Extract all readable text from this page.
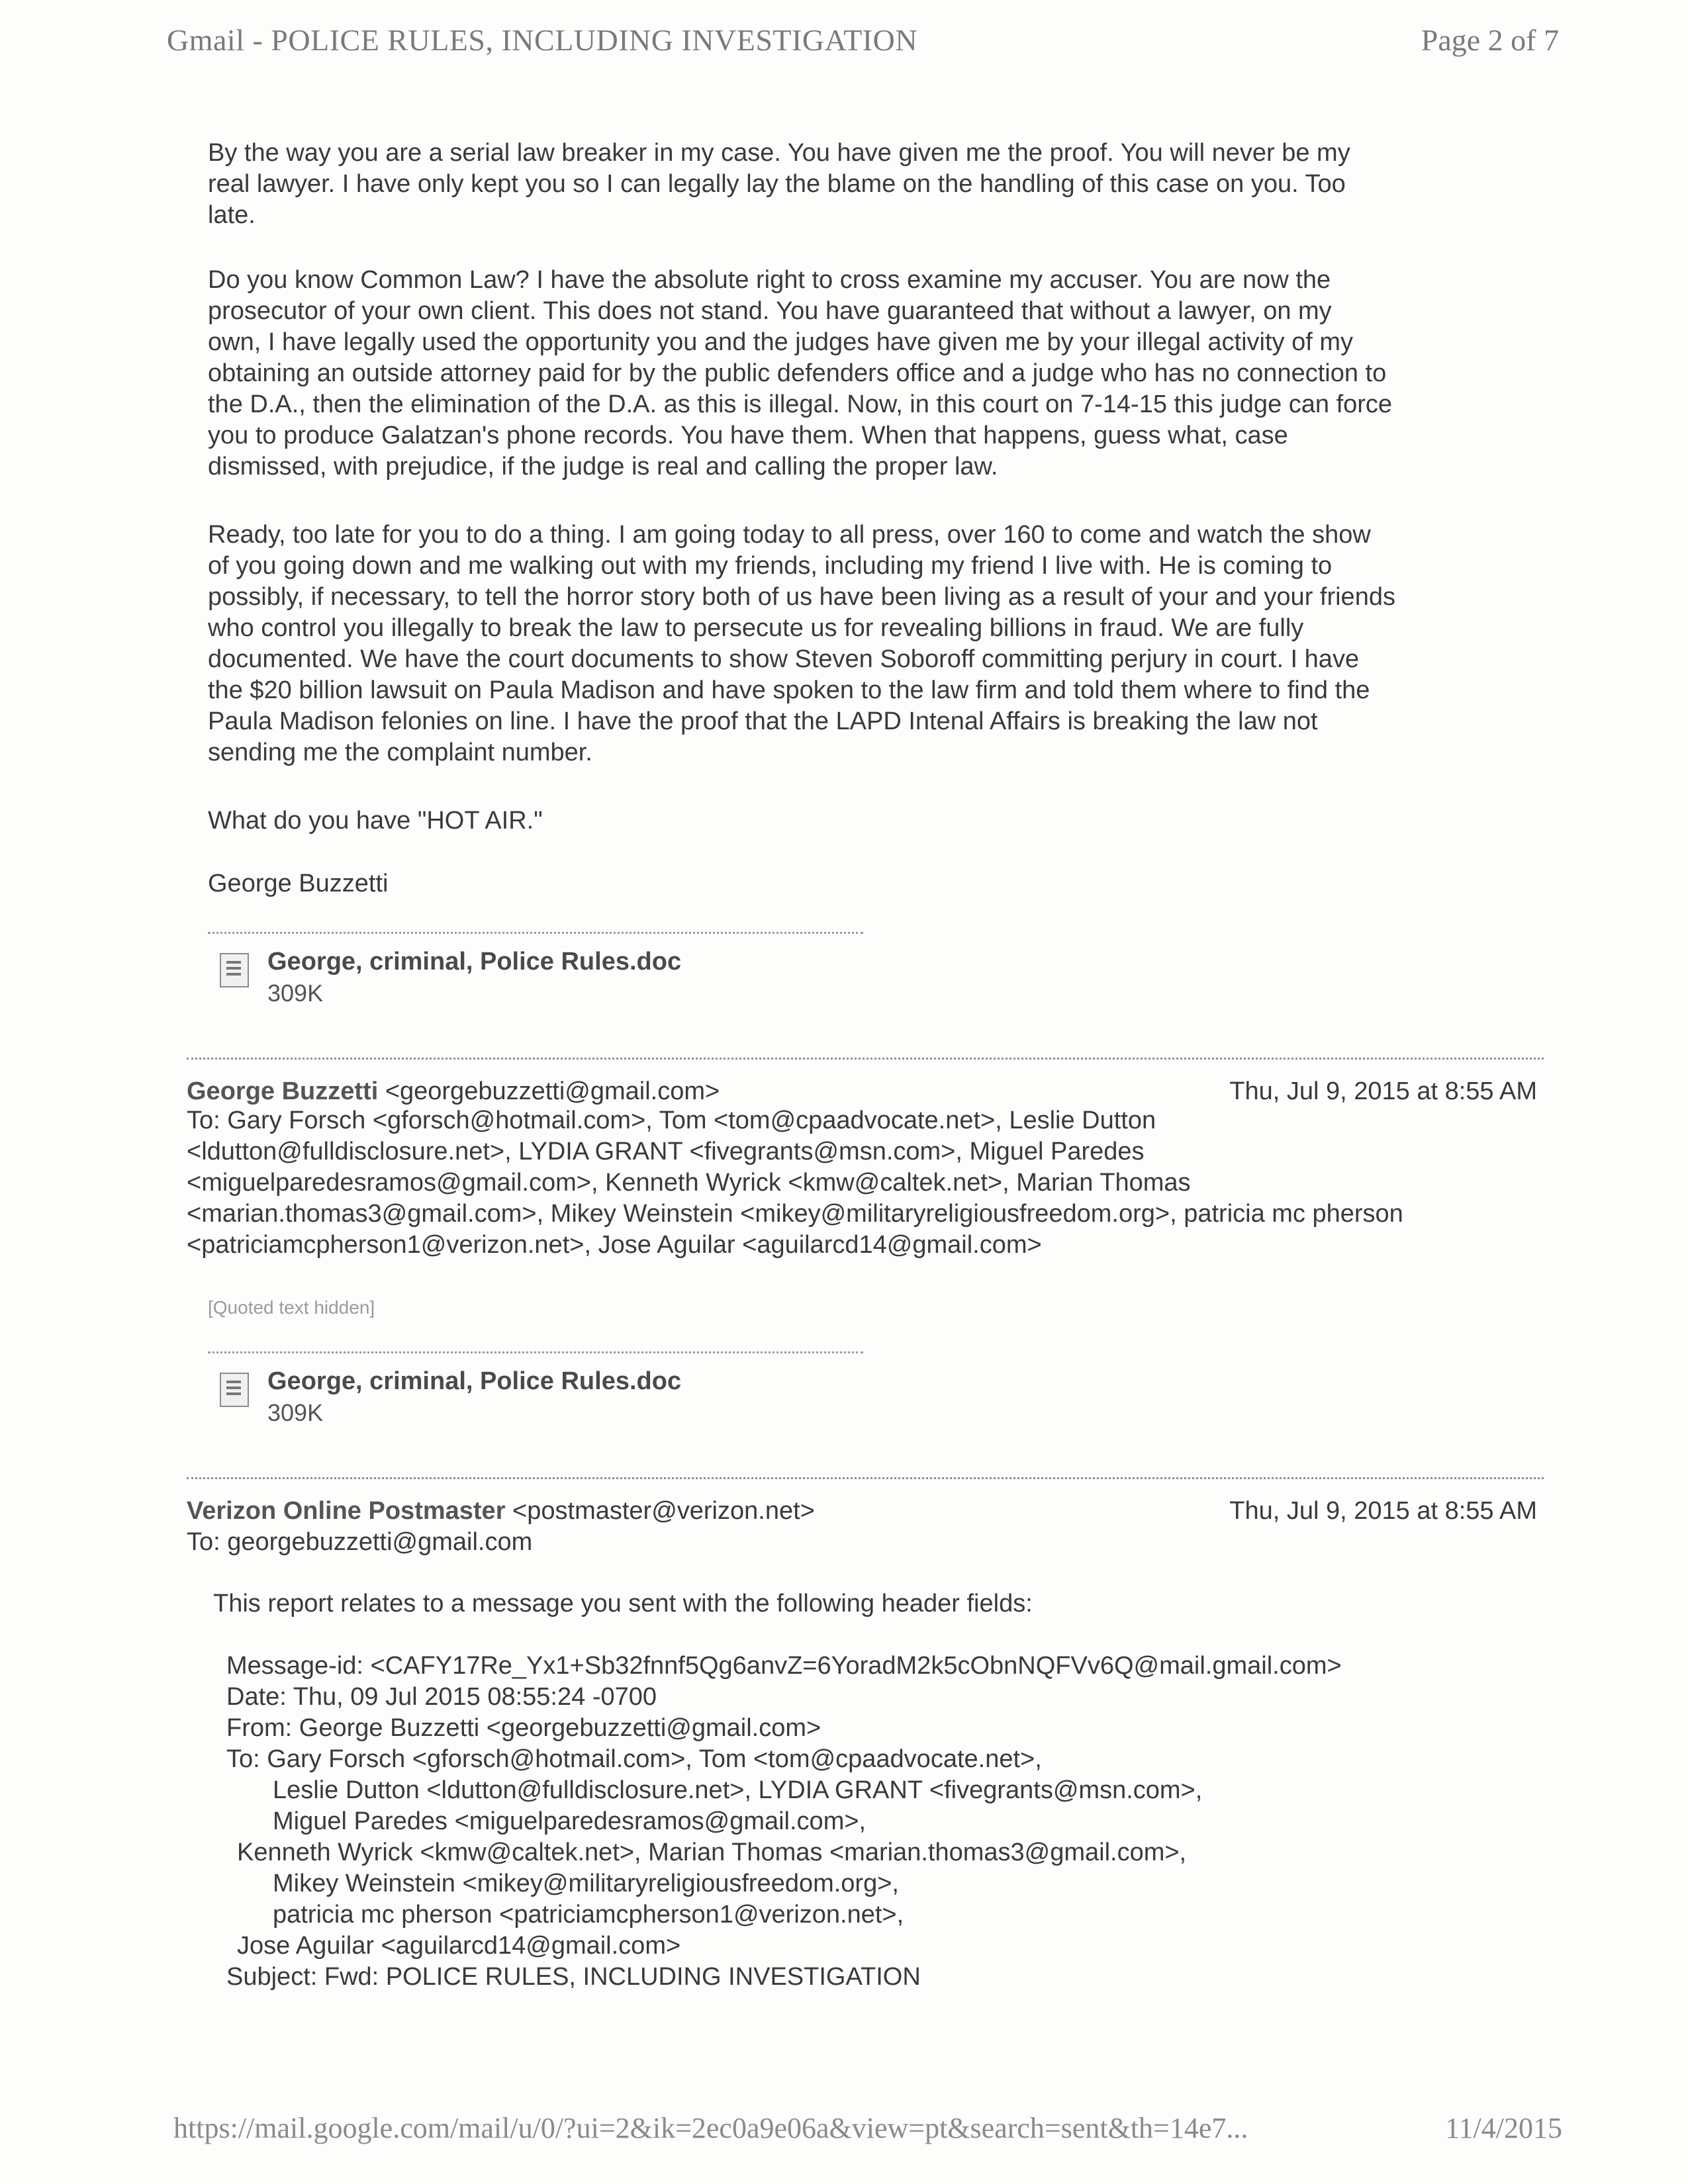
Gmail - POLICE RULES, INCLUDING INVESTIGATION	Page 2 of 7
By the way you are a serial law breaker in my case. You have given me the proof. You will never be my
real lawyer. I have only kept you so I can legally lay the blame on the handling of this case on you. Too
late.
Do you know Common Law? I have the absolute right to cross examine my accuser. You are now the
prosecutor of your own client. This does not stand. You have guaranteed that without a lawyer, on my
own, I have legally used the opportunity you and the judges have given me by your illegal activity of my
obtaining an outside attorney paid for by the public defenders office and a judge who has no connection to
the D.A., then the elimination of the D.A. as this is illegal. Now, in this court on 7-14-15 this judge can force
you to produce Galatzan's phone records. You have them. When that happens, guess what, case
dismissed, with prejudice, if the judge is real and calling the proper law.
Ready, too late for you to do a thing. I am going today to all press, over 160 to come and watch the show
of you going down and me walking out with my friends, including my friend I live with. He is coming to
possibly, if necessary, to tell the horror story both of us have been living as a result of your and your friends
who control you illegally to break the law to persecute us for revealing billions in fraud. We are fully
documented. We have the court documents to show Steven Soboroff committing perjury in court. I have
the $20 billion lawsuit on Paula Madison and have spoken to the law firm and told them where to find the
Paula Madison felonies on line. I have the proof that the LAPD Intenal Affairs is breaking the law not
sending me the complaint number.
What do you have "HOT AIR."
George Buzzetti
George, criminal, Police Rules.doc
309K
George Buzzetti <georgebuzzetti@gmail.com>	Thu, Jul 9, 2015 at 8:55 AM
To: Gary Forsch <gforsch@hotmail.com>, Tom <tom@cpaadvocate.net>, Leslie Dutton
<ldutton@fulldisclosure.net>, LYDIA GRANT <fivegrants@msn.com>, Miguel Paredes
<miguelparedesramos@gmail.com>, Kenneth Wyrick <kmw@caltek.net>, Marian Thomas
<marian.thomas3@gmail.com>, Mikey Weinstein <mikey@militaryreligiousfreedom.org>, patricia mc pherson
<patriciamcpherson1@verizon.net>, Jose Aguilar <aguilarcd14@gmail.com>
[Quoted text hidden]
George, criminal, Police Rules.doc
309K
Verizon Online Postmaster <postmaster@verizon.net>	Thu, Jul 9, 2015 at 8:55 AM
To: georgebuzzetti@gmail.com
This report relates to a message you sent with the following header fields:
Message-id: <CAFY17Re_Yx1+Sb32fnnf5Qg6anvZ=6YoradM2k5cObnNQFVv6Q@mail.gmail.com>
Date: Thu, 09 Jul 2015 08:55:24 -0700
From: George Buzzetti <georgebuzzetti@gmail.com>
To: Gary Forsch <gforsch@hotmail.com>, Tom <tom@cpaadvocate.net>,
Leslie Dutton <ldutton@fulldisclosure.net>, LYDIA GRANT <fivegrants@msn.com>,
Miguel Paredes <miguelparedesramos@gmail.com>,
Kenneth Wyrick <kmw@caltek.net>, Marian Thomas <marian.thomas3@gmail.com>,
Mikey Weinstein <mikey@militaryreligiousfreedom.org>,
patricia mc pherson <patriciamcpherson1@verizon.net>,
Jose Aguilar <aguilarcd14@gmail.com>
Subject: Fwd: POLICE RULES, INCLUDING INVESTIGATION
https://mail.google.com/mail/u/0/?ui=2&ik=2ec0a9e06a&view=pt&search=sent&th=14e7...	11/4/2015
